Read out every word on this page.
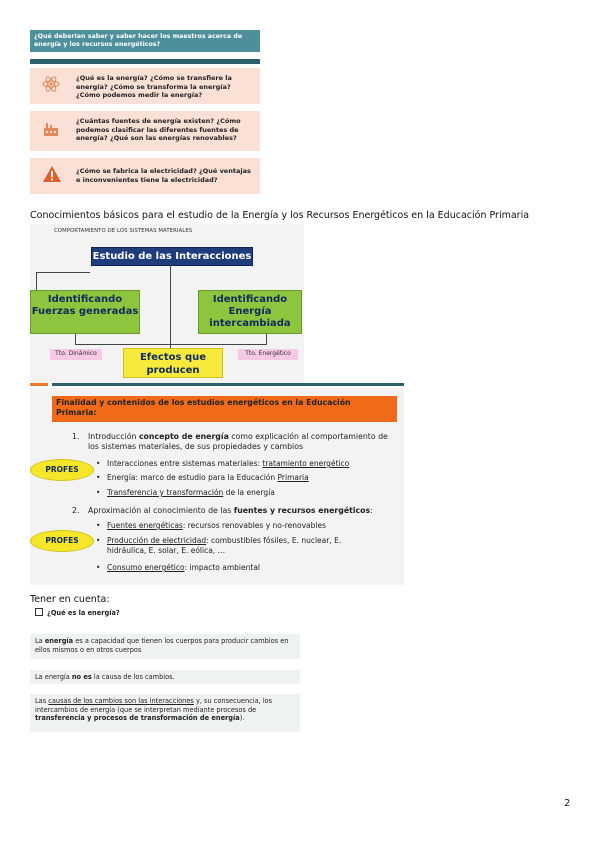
¿Qué deberían saber y saber hacer los maestros acerca de energía y los recursos energéticos?
¿Qué es la energía? ¿Cómo se transfiere la energía? ¿Cómo se transforma la energía? ¿Cómo podemos medir la energía?
¿Cuántas fuentes de energía existen? ¿Cómo podemos clasificar las diferentes fuentes de energía? ¿Qué son las energías renovables?
¿Cómo se fabrica la electricidad? ¿Qué ventajas e inconvenientes tiene la electricidad?
Conocimientos básicos para el estudio de la Energía y los Recursos Energéticos en la Educación Primaria
COMPORTAMIENTO DE LOS SISTEMAS MATERIALES
Estudio de las Interacciones
Identificando Fuerzas generadas
Identificando Energía intercambiada
Tto. Dinámico	Tto. Energético
Efectos que producen
Finalidad y contenidos de los estudios energéticos en la Educación Primaria:
1. Introducción concepto de energía como explicación al comportamiento de los sistemas materiales, de sus propiedades y cambios
• Interacciones entre sistemas materiales: tratamiento energético
• Energía: marco de estudio para la Educación Primaria
• Transferencia y transformación de la energía
PROFES
2. Aproximación al conocimiento de las fuentes y recursos energéticos:
• Fuentes energéticas: recursos renovables y no-renovables
• Producción de electricidad: combustibles fósiles, E. nuclear, E. hidráulica, E. solar, E. eólica, …
• Consumo energético: impacto ambiental
PROFES
Tener en cuenta:
¿Qué es la energía?
La energía es a capacidad que tienen los cuerpos para producir cambios en ellos mismos o en otros cuerpos
La energía no es la causa de los cambios.
Las causas de los cambios son las interacciones y, su consecuencia, los intercambios de energía (que se interpretan mediante procesos de transferencia y procesos de transformación de energía).
2
